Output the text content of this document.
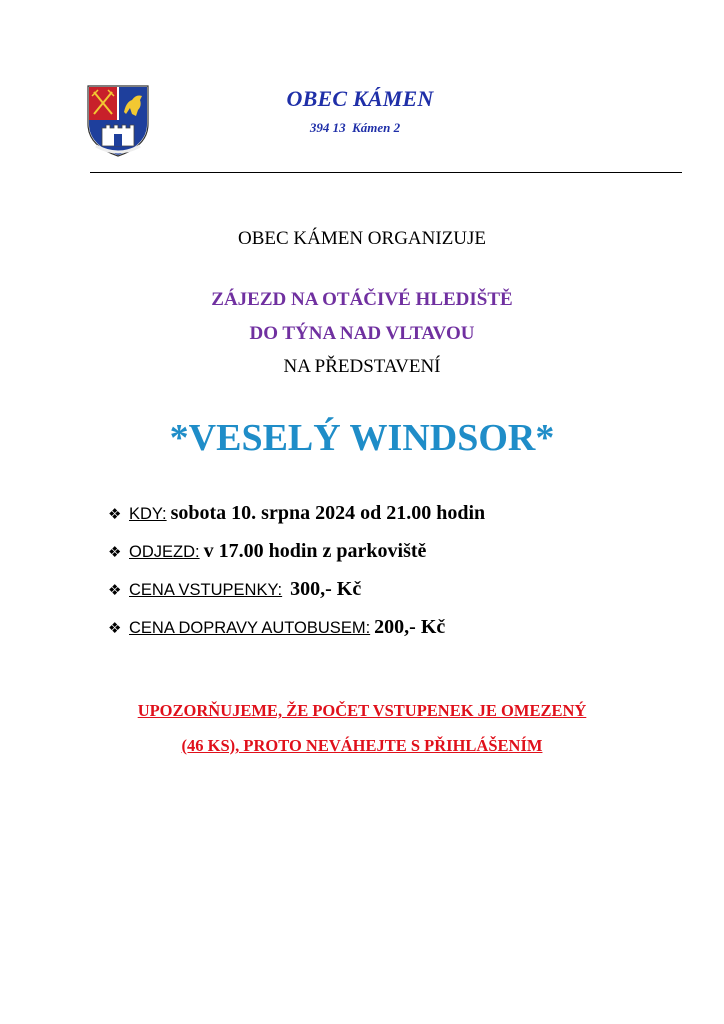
OBEC KÁMEN
394 13  Kámen 2
OBEC KÁMEN ORGANIZUJE
ZÁJEZD NA OTÁČIVÉ HLEDIŠTĚ
DO TÝNA NAD VLTAVOU
NA PŘEDSTAVENÍ
*VESELÝ WINDSOR*
❖ KDY:
sobota 10. srpna 2024 od 21.00 hodin
❖ ODJEZD:
v 17.00 hodin z parkoviště
❖ CENA VSTUPENKY:
300,- Kč
❖ CENA DOPRAVY AUTOBUSEM:
200,- Kč
UPOZORŇUJEME, ŽE POČET VSTUPENEK JE OMEZENÝ
(46 KS), PROTO NEVÁHEJTE S PŘIHLÁŠENÍM
